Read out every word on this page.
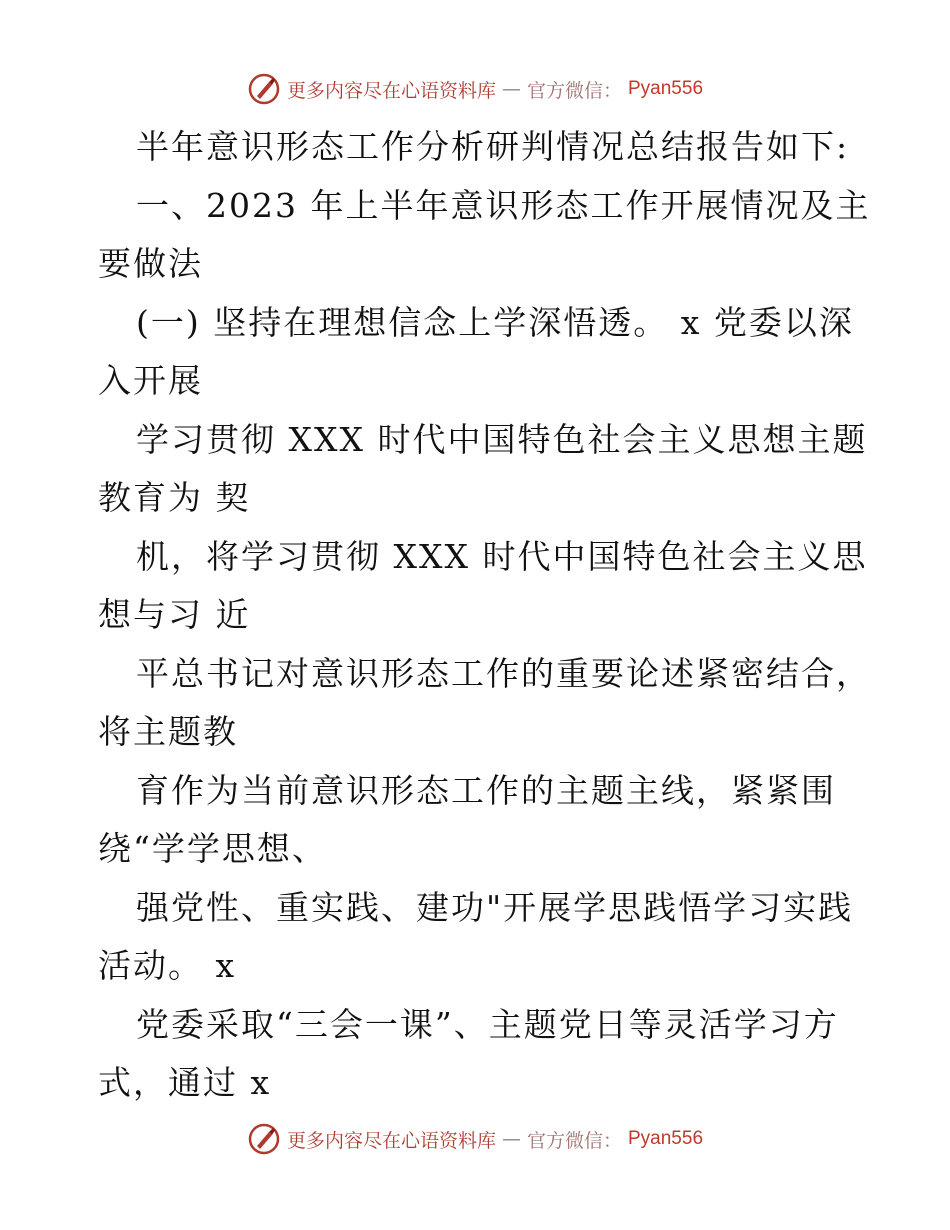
更多内容尽在心语资料库 — 官方微信： Pyan556
半年意识形态工作分析研判情况总结报告如下:
一、2023 年上半年意识形态工作开展情况及主
要做法
(一) 坚持在理想信念上学深悟透。 x 党委以深
入开展
学习贯彻 XXX 时代中国特色社会主义思想主题
教育为 契
机，将学习贯彻 XXX 时代中国特色社会主义思
想与习 近
平总书记对意识形态工作的重要论述紧密结合，
将主题教
育作为当前意识形态工作的主题主线，紧紧围
绕“学学思想、
强党性、重实践、建功"开展学思践悟学习实践
活动。 x
党委采取“三会一课”、主题党日等灵活学习方
式，通过 x
更多内容尽在心语资料库 — 官方微信： Pyan556
